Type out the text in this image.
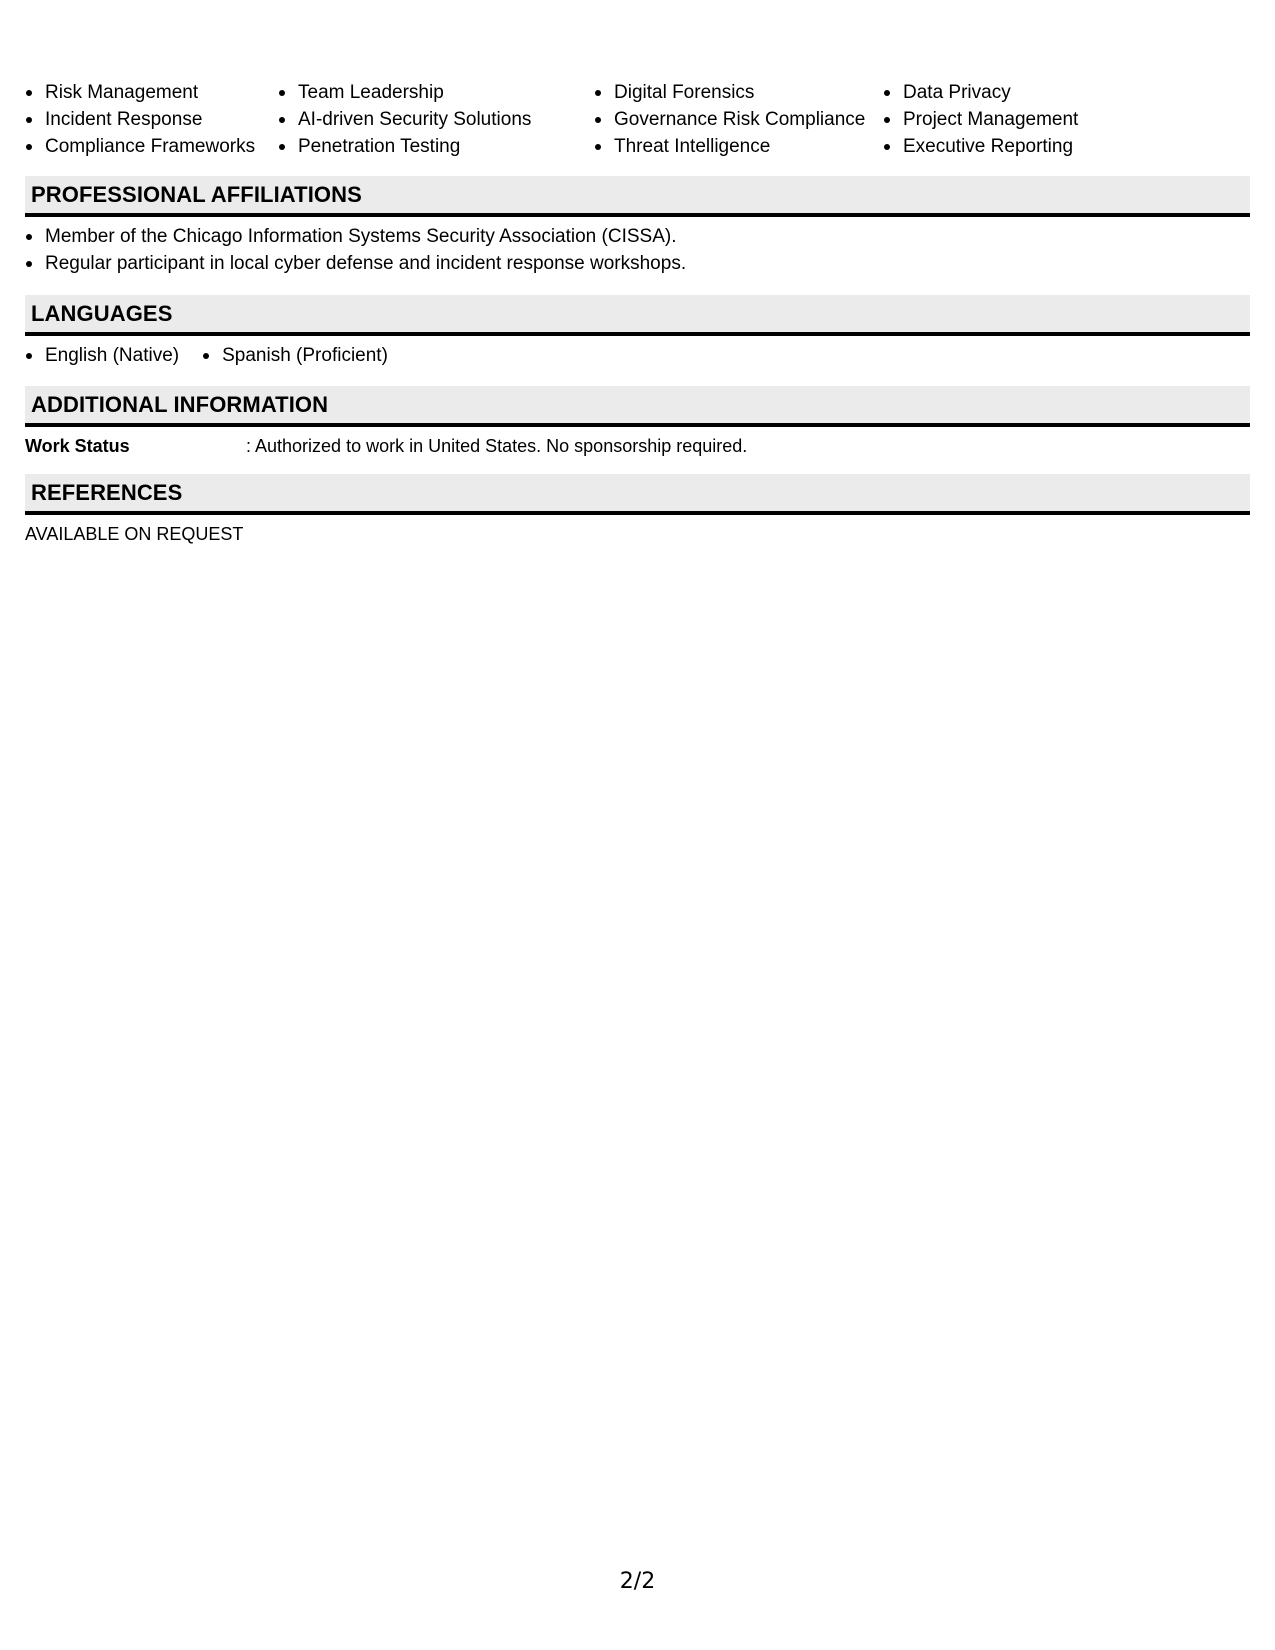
Risk Management
Incident Response
Compliance Frameworks
Team Leadership
AI-driven Security Solutions
Penetration Testing
Digital Forensics
Governance Risk Compliance
Threat Intelligence
Data Privacy
Project Management
Executive Reporting
PROFESSIONAL AFFILIATIONS
Member of the Chicago Information Systems Security Association (CISSA).
Regular participant in local cyber defense and incident response workshops.
LANGUAGES
English (Native)	Spanish (Proficient)
ADDITIONAL INFORMATION
Work Status	: Authorized to work in United States. No sponsorship required.
REFERENCES

AVAILABLE ON REQUEST

2/2
